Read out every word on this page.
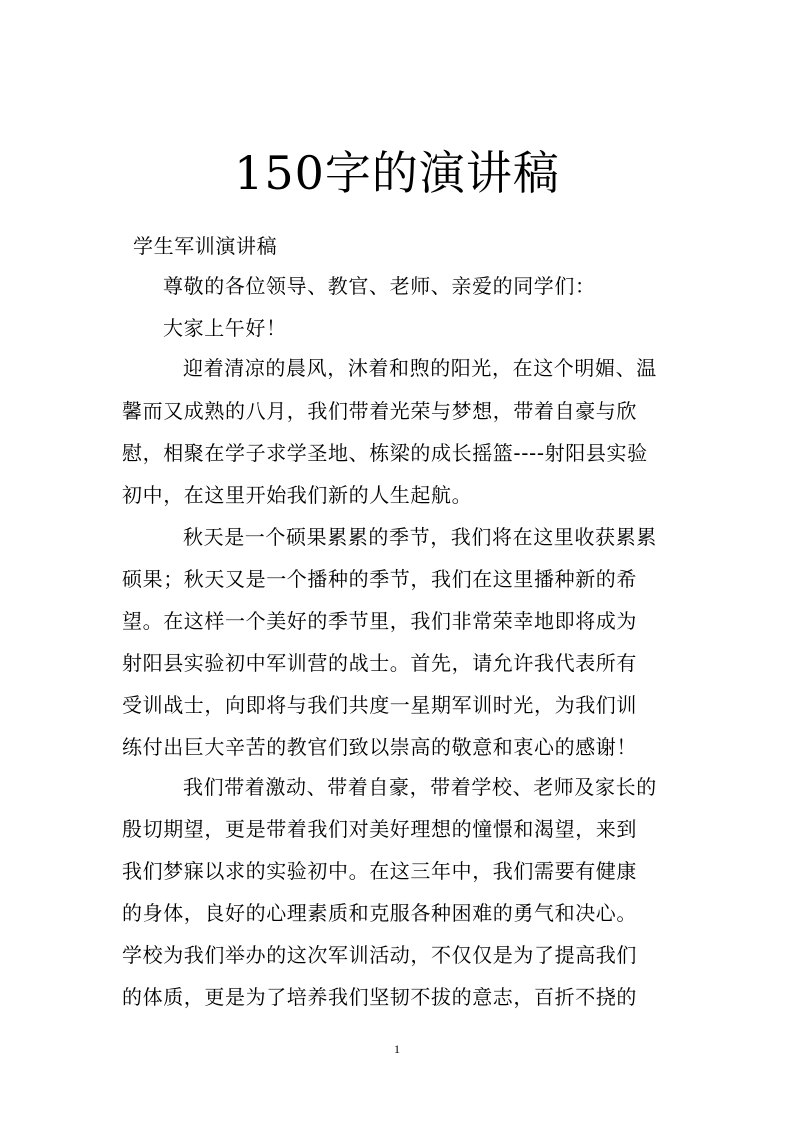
150字的演讲稿
学生军训演讲稿
尊敬的各位领导、教官、老师、亲爱的同学们：
大家上午好！
迎着清凉的晨风，沐着和煦的阳光，在这个明媚、温
馨而又成熟的八月，我们带着光荣与梦想，带着自豪与欣
慰，相聚在学子求学圣地、栋梁的成长摇篮----射阳县实验
初中，在这里开始我们新的人生起航。
秋天是一个硕果累累的季节，我们将在这里收获累累
硕果；秋天又是一个播种的季节，我们在这里播种新的希
望。在这样一个美好的季节里，我们非常荣幸地即将成为
射阳县实验初中军训营的战士。首先，请允许我代表所有
受训战士，向即将与我们共度一星期军训时光，为我们训
练付出巨大辛苦的教官们致以崇高的敬意和衷心的感谢！
我们带着激动、带着自豪，带着学校、老师及家长的
殷切期望，更是带着我们对美好理想的憧憬和渴望，来到
我们梦寐以求的实验初中。在这三年中，我们需要有健康
的身体，良好的心理素质和克服各种困难的勇气和决心。
学校为我们举办的这次军训活动，不仅仅是为了提高我们
的体质，更是为了培养我们坚韧不拔的意志，百折不挠的
1
